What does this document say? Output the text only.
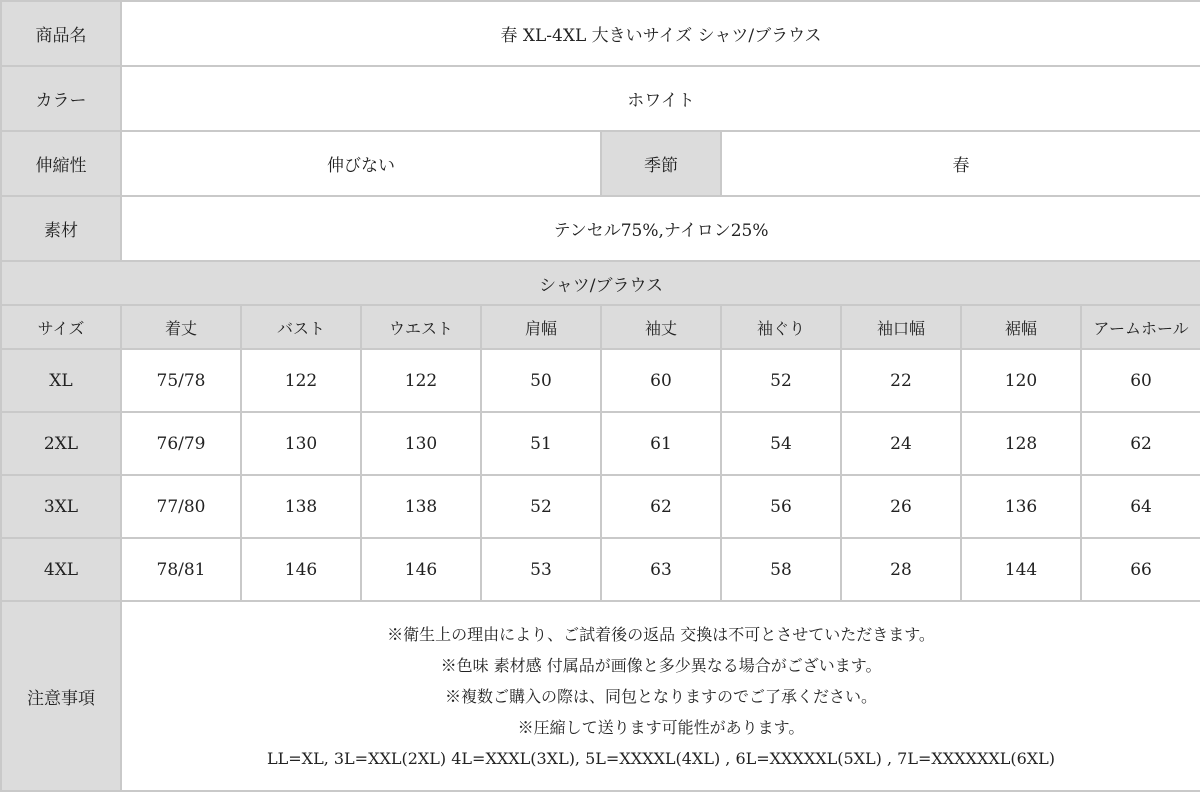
商品名	春 XL-4XL 大きいサイズ シャツ/ブラウス								
カラー	ホワイト								
伸縮性	伸びない				季節	春			
素材	テンセル75%,ナイロン25%								
シャツ/ブラウス									
サイズ	着丈	バスト	ウエスト	肩幅	袖丈	袖ぐり	袖口幅	裾幅	アームホール
XL	75/78	122	122	50	60	52	22	120	60
2XL	76/79	130	130	51	61	54	24	128	62
3XL	77/80	138	138	52	62	56	26	136	64
4XL	78/81	146	146	53	63	58	28	144	66
注意事項	※衛生上の理由により、ご試着後の返品 交換は不可とさせていただきます。
※色味 素材感 付属品が画像と多少異なる場合がございます。
※複数ご購入の際は、同包となりますのでご了承ください。
※圧縮して送ります可能性があります。
LL=XL, 3L=XXL(2XL) 4L=XXXL(3XL), 5L=XXXXL(4XL) , 6L=XXXXXL(5XL) , 7L=XXXXXXL(6XL)								
